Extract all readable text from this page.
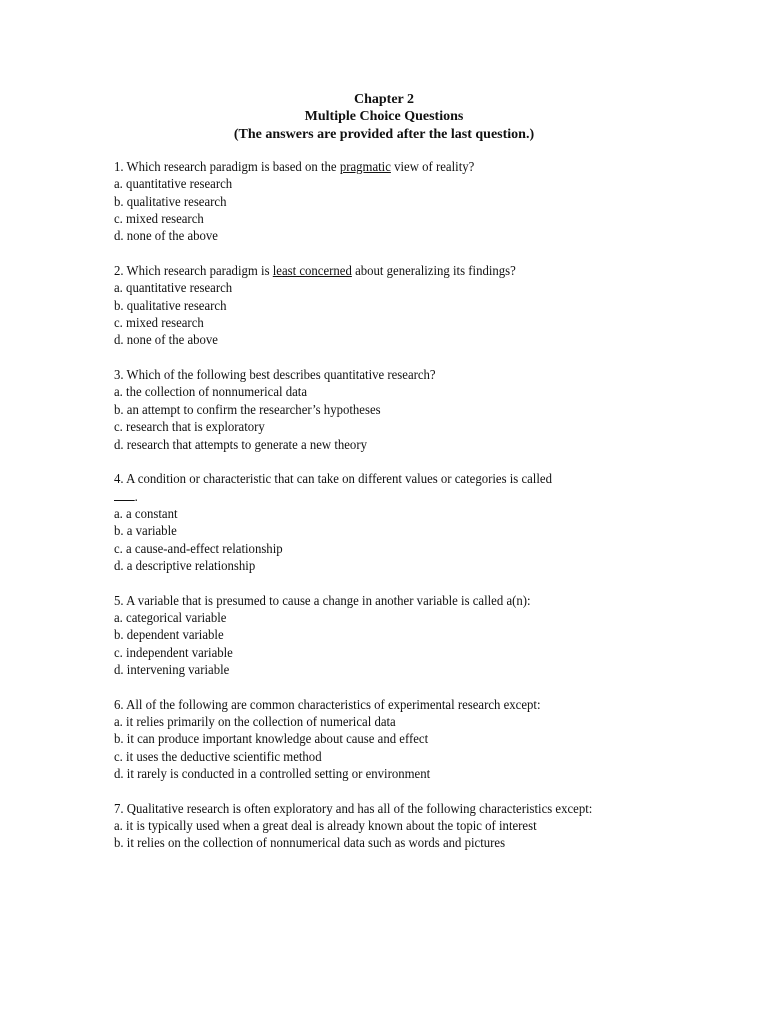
Chapter 2
Multiple Choice Questions
(The answers are provided after the last question.)
1. Which research paradigm is based on the pragmatic view of reality?
a. quantitative research
b. qualitative research
c. mixed research
d. none of the above
2. Which research paradigm is least concerned about generalizing its findings?
a. quantitative research
b. qualitative research
c. mixed research
d. none of the above
3. Which of the following best describes quantitative research?
a. the collection of nonnumerical data
b. an attempt to confirm the researcher’s hypotheses
c. research that is exploratory
d. research that attempts to generate a new theory
4. A condition or characteristic that can take on different values or categories is called
.
a. a constant
b. a variable
c. a cause-and-effect relationship
d. a descriptive relationship
5. A variable that is presumed to cause a change in another variable is called a(n):
a. categorical variable
b. dependent variable
c. independent variable
d. intervening variable
6. All of the following are common characteristics of experimental research except:
a. it relies primarily on the collection of numerical data
b. it can produce important knowledge about cause and effect
c. it uses the deductive scientific method
d. it rarely is conducted in a controlled setting or environment
7. Qualitative research is often exploratory and has all of the following characteristics except:
a. it is typically used when a great deal is already known about the topic of interest
b. it relies on the collection of nonnumerical data such as words and pictures
